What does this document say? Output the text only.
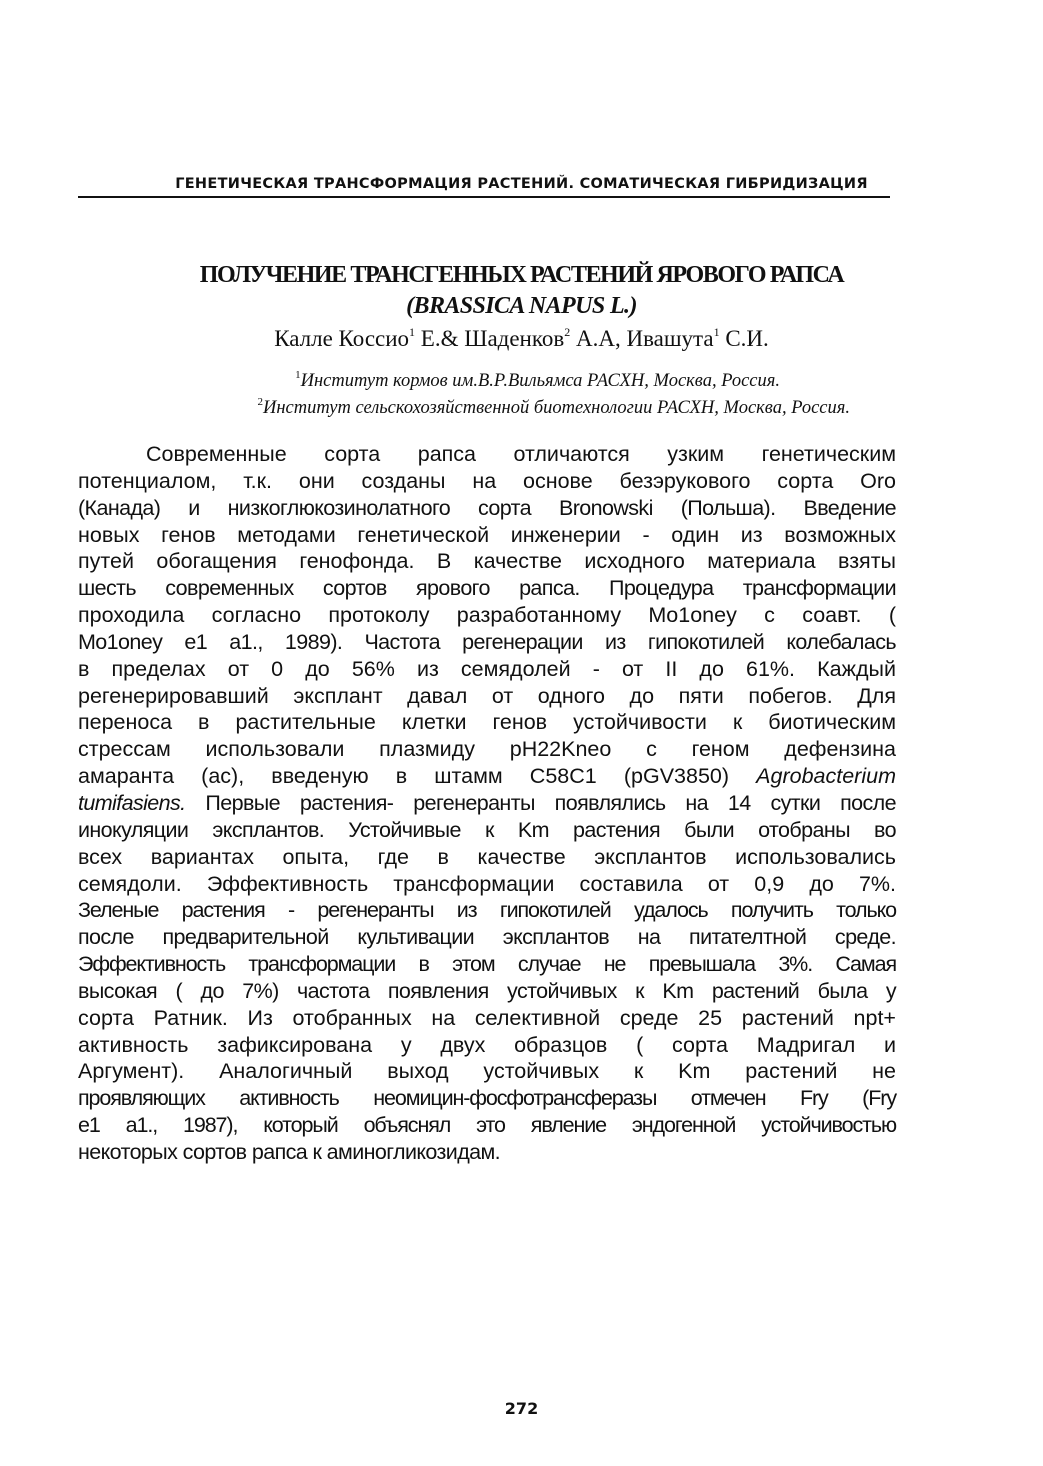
ГЕНЕТИЧЕСКАЯ ТРАНСФОРМАЦИЯ РАСТЕНИЙ. СОМАТИЧЕСКАЯ ГИБРИДИЗАЦИЯ
ПОЛУЧЕНИЕ ТРАНСГЕННЫХ РАСТЕНИЙ ЯРОВОГО РАПСА
(BRASSICA NAPUS L.)
Калле Коссио$^1$ Е.& Шаденков$^2$ А.А, Ивашута$^1$ С.И.
$^1$Институт кормов им.В.Р.Вильямса РАСХН, Москва, Россия.
$^2$Институт сельскохозяйственной биотехнологии РАСХН, Москва, Россия.
Современные сорта рапса отличаются узким генетическим
потенциалом, т.к. они созданы на основе безэрукового сорта Oro
(Канада) и низкоглюкозинолатного сорта Bronowski (Польша). Введение
новых генов методами генетической инженерии - один из возможных
путей обогащения генофонда. В качестве исходного материала взяты
шесть современных сортов ярового рапса. Процедура трансформации
проходила согласно протоколу разработанному Mo1oney с соавт. (
Mo1oney e1 a1., 1989). Частота регенерации из гипокотилей колебалась
в пределах от 0 до 56% из семядолей - от II до 61%. Каждый
регенерировавший эксплант давал от одного до пяти побегов. Для
переноса в растительные клетки генов устойчивости к биотическим
стрессам использовали плазмиду pH22Kneo с геном дефензина
амаранта (ac), введеную в штамм C58C1 (pGV3850) Agrobacterium
tumifasiens. Первые растения- регенеранты появлялись на 14 сутки после
инокуляции эксплантов. Устойчивые к Km растения были отобраны во
всех вариантах опыта, где в качестве эксплантов использовались
семядоли. Эффективность трансформации составила от 0,9 до 7%.
Зеленые растения - регенеранты из гипокотилей удалось получить только
после предварительной культивации эксплантов на питателтной среде.
Эффективность трансформации в этом случае не превышала 3%. Самая
высокая ( до 7%) частота появления устойчивых к Km растений была у
сорта Ратник. Из отобранных на селективной среде 25 растений npt+
активность зафиксирована у двух образцов ( сорта Мадригал и
Аргумент). Аналогичный выход устойчивых к Km растений не
проявляющих активность неомицин-фосфотрансферазы отмечен Fry (Fry
e1 a1., 1987), который объяснял это явление эндогенной устойчивостью
некоторых сортов рапса к аминогликозидам.
272
